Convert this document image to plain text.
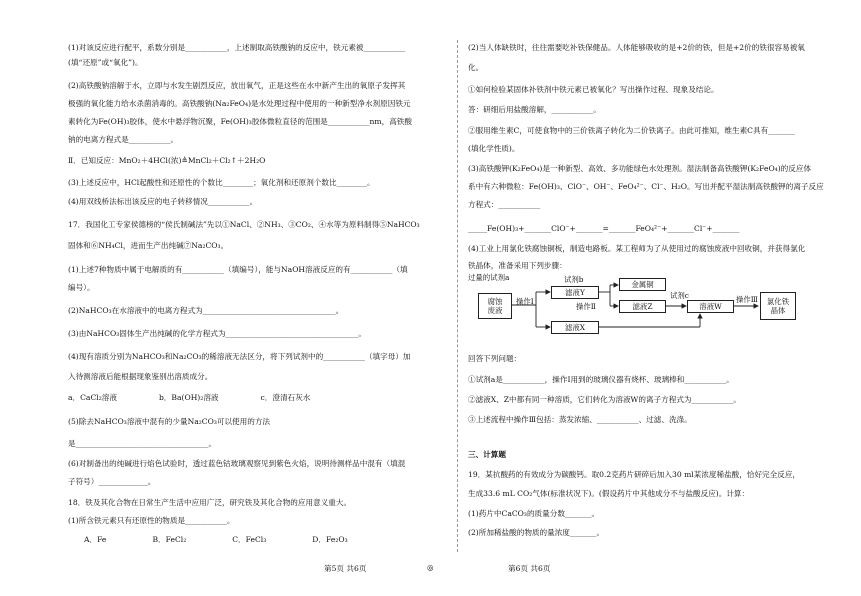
(1)对该反应进行配平，系数分别是___________，上述制取高铁酸钠的反应中，铁元素被___________
(填“还原”或“氧化”)。
(2)高铁酸钠溶解于水，立即与水发生剧烈反应，放出氧气，正是这些在水中新产生出的氧原子发挥其
极强的氧化能力给水杀菌消毒的。高铁酸钠(Na₂FeO₄)是水处理过程中使用的一种新型净水剂原因铁元
素转化为Fe(OH)₃胶体，使水中悬浮物沉聚，Fe(OH)₃胶体微粒直径的范围是___________nm，高铁酸
钠的电离方程式是___________。
Ⅱ．已知反应：MnO₂＋4HCl(浓)≜MnCl₂＋Cl₂↑＋2H₂O
(3)上述反应中，HCl起酸性和还原性的个数比________；氧化剂和还原剂个数比________。
(4)用双线桥法标出该反应的电子转移情况___________。
17．我国化工专家侯德榜的“侯氏制碱法”先以①NaCl、②NH₃、③CO₂、④水等为原料制得⑤NaHCO₃
固体和⑥NH₄Cl，进而生产出纯碱⑦Na₂CO₃。
(1)上述7种物质中属于电解质的有___________（填编号），能与NaOH溶液反应的有___________（填
编号）。
(2)NaHCO₃在水溶液中的电离方程式为___________________________________。
(3)由NaHCO₃固体生产出纯碱的化学方程式为___________________________________。
(4)现有溶质分别为NaHCO₃和Na₂CO₃的稀溶液无法区分，将下列试剂中的___________（填字母）加
入待测溶液后能根据现象鉴别出溶质成分。
a．CaCl₂溶液	b．Ba(OH)₂溶液	c．澄清石灰水
(5)除去NaHCO₃溶液中混有的少量Na₂CO₃可以使用的方法
是___________________________________。
(6)对制备出的纯碱进行焰色试验时，透过蓝色钴玻璃观察见到紫色火焰，说明待测样品中混有（填混
子符号）_____________。
18．铁及其化合物在日常生产生活中应用广泛，研究铁及其化合物的应用意义重大。
(1)所含铁元素只有还原性的物质是___________。
A．Fe	B．FeCl₂	C．FeCl₃	D．Fe₂O₃
(2)当人体缺铁时，往往需要吃补铁保健品。人体能够吸收的是+2价的铁，但是+2价的铁很容易被氧
化。
①如何检验某固体补铁剂中铁元素已被氧化？写出操作过程、现象及结论。
答：研细后用盐酸溶解，___________。
②服用维生素C，可使食物中的三价铁离子转化为二价铁离子。由此可推知，维生素C具有_______
(填化学性质)。
(3)高铁酸钾(K₂FeO₄)是一种新型、高效、多功能绿色水处理剂。湿法制备高铁酸钾(K₂FeO₄)的反应体
系中有六种微粒：Fe(OH)₃、ClO⁻、OH⁻、FeO₄²⁻、Cl⁻、H₂O。写出并配平湿法制高铁酸钾的离子反应
方程式：___________
_____Fe(OH)₃+_______ClO⁻+_______=_______FeO₄²⁻+_______Cl⁻+_______
(4)工业上用氯化铁腐蚀铜板，制造电路板。某工程师为了从使用过的腐蚀废液中回收铜，并获得氯化
铁晶体，准备采用下列步骤：
过量的试剂a
腐蚀
废液
操作Ⅰ
滤液Y
试剂b
操作Ⅱ
金属铜
滤液Z
滤液X
试剂c
溶液W
操作Ⅲ	氯化铁
晶体
回答下列问题：
①试剂a是___________，操作Ⅰ用到的玻璃仪器有烧杯、玻璃棒和___________。
②滤液X、Z中都有同一种溶质，它们转化为溶液W的离子方程式为___________。
③上述流程中操作Ⅲ包括：蒸发浓缩、___________、过滤、洗涤。
三、计算题
19．某抗酸药的有效成分为碳酸钙。取0.2克药片研碎后加入30 ml某浓度稀盐酸，恰好完全反应，
生成33.6 mL CO₂气体(标准状况下)。(假设药片中其他成分不与盐酸反应)。计算：
(1)药片中CaCO₃的质量分数_______。
(2)所加稀盐酸的物质的量浓度_______。
第5页 共6页	◎	第6页 共6页
